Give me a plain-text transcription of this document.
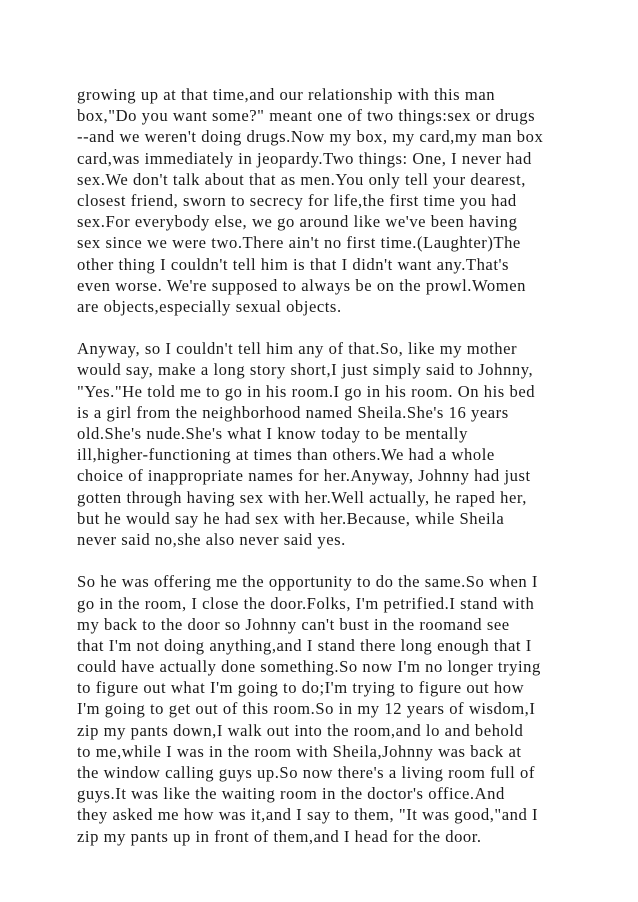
growing up at that time,and our relationship with this man
box,"Do you want some?" meant one of two things:sex or drugs
--and we weren't doing drugs.Now my box, my card,my man box
card,was immediately in jeopardy.Two things: One, I never had
sex.We don't talk about that as men.You only tell your dearest,
closest friend, sworn to secrecy for life,the first time you had
sex.For everybody else, we go around like we've been having
sex since we were two.There ain't no first time.(Laughter)The
other thing I couldn't tell him is that I didn't want any.That's
even worse. We're supposed to always be on the prowl.Women
are objects,especially sexual objects.
Anyway, so I couldn't tell him any of that.So, like my mother
would say, make a long story short,I just simply said to Johnny,
"Yes."He told me to go in his room.I go in his room. On his bed
is a girl from the neighborhood named Sheila.She's 16 years
old.She's nude.She's what I know today to be mentally
ill,higher-functioning at times than others.We had a whole
choice of inappropriate names for her.Anyway, Johnny had just
gotten through having sex with her.Well actually, he raped her,
but he would say he had sex with her.Because, while Sheila
never said no,she also never said yes.
So he was offering me the opportunity to do the same.So when I
go in the room, I close the door.Folks, I'm petrified.I stand with
my back to the door so Johnny can't bust in the roomand see
that I'm not doing anything,and I stand there long enough that I
could have actually done something.So now I'm no longer trying
to figure out what I'm going to do;I'm trying to figure out how
I'm going to get out of this room.So in my 12 years of wisdom,I
zip my pants down,I walk out into the room,and lo and behold
to me,while I was in the room with Sheila,Johnny was back at
the window calling guys up.So now there's a living room full of
guys.It was like the waiting room in the doctor's office.And
they asked me how was it,and I say to them, "It was good,"and I
zip my pants up in front of them,and I head for the door.
